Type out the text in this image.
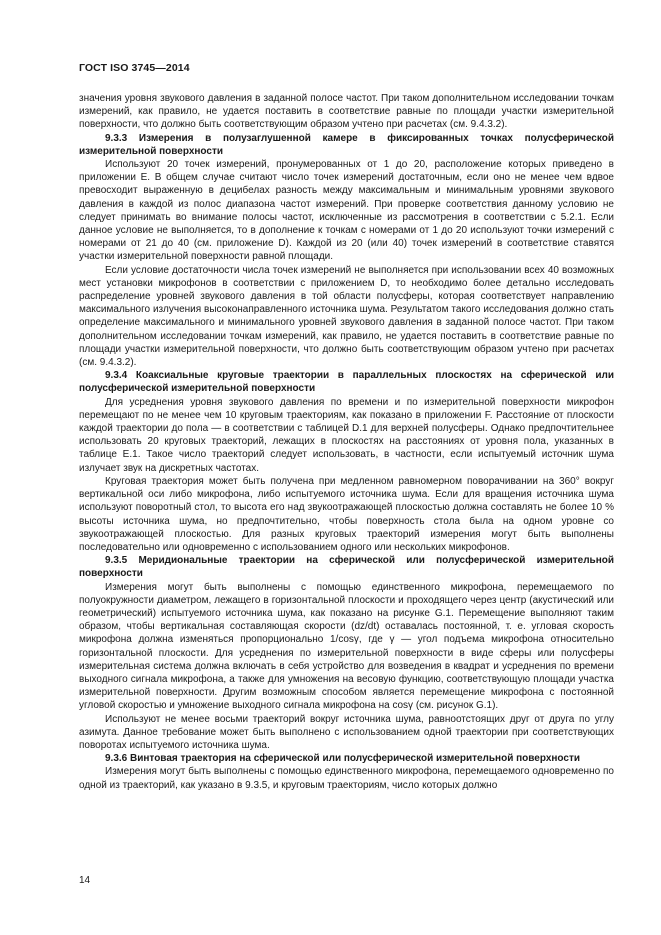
ГОСТ ISO 3745—2014

значения уровня звукового давления в заданной полосе частот. При таком дополнительном исследовании точкам измерений, как правило, не удается поставить в соответствие равные по площади участки измерительной поверхности, что должно быть соответствующим образом учтено при расчетах (см. 9.4.3.2).

9.3.3 Измерения в полузаглушенной камере в фиксированных точках полусферической измерительной поверхности

Используют 20 точек измерений, пронумерованных от 1 до 20, расположение которых приведено в приложении E. В общем случае считают число точек измерений достаточным, если оно не менее чем вдвое превосходит выраженную в децибелах разность между максимальным и минимальным уровнями звукового давления в каждой из полос диапазона частот измерений. При проверке соответствия данному условию не следует принимать во внимание полосы частот, исключенные из рассмотрения в соответствии с 5.2.1. Если данное условие не выполняется, то в дополнение к точкам с номерами от 1 до 20 используют точки измерений с номерами от 21 до 40 (см. приложение D). Каждой из 20 (или 40) точек измерений в соответствие ставятся участки измерительной поверхности равной площади.

Если условие достаточности числа точек измерений не выполняется при использовании всех 40 возможных мест установки микрофонов в соответствии с приложением D, то необходимо более детально исследовать распределение уровней звукового давления в той области полусферы, которая соответствует направлению максимального излучения высоконаправленного источника шума. Результатом такого исследования должно стать определение максимального и минимального уровней звукового давления в заданной полосе частот. При таком дополнительном исследовании точкам измерений, как правило, не удается поставить в соответствие равные по площади участки измерительной поверхности, что должно быть соответствующим образом учтено при расчетах (см. 9.4.3.2).

9.3.4 Коаксиальные круговые траектории в параллельных плоскостях на сферической или полусферической измерительной поверхности

Для усреднения уровня звукового давления по времени и по измерительной поверхности микрофон перемещают по не менее чем 10 круговым траекториям, как показано в приложении F. Расстояние от плоскости каждой траектории до пола — в соответствии с таблицей D.1 для верхней полусферы. Однако предпочтительнее использовать 20 круговых траекторий, лежащих в плоскостях на расстояниях от уровня пола, указанных в таблице E.1. Такое число траекторий следует использовать, в частности, если испытуемый источник шума излучает звук на дискретных частотах.

Круговая траектория может быть получена при медленном равномерном поворачивании на 360° вокруг вертикальной оси либо микрофона, либо испытуемого источника шума. Если для вращения источника шума используют поворотный стол, то высота его над звукоотражающей плоскостью должна составлять не более 10 % высоты источника шума, но предпочтительно, чтобы поверхность стола была на одном уровне со звукоотражающей плоскостью. Для разных круговых траекторий измерения могут быть выполнены последовательно или одновременно с использованием одного или нескольких микрофонов.

9.3.5 Меридиональные траектории на сферической или полусферической измерительной поверхности

Измерения могут быть выполнены с помощью единственного микрофона, перемещаемого по полуокружности диаметром, лежащего в горизонтальной плоскости и проходящего через центр (акустический или геометрический) испытуемого источника шума, как показано на рисунке G.1. Перемещение выполняют таким образом, чтобы вертикальная составляющая скорости (dz/dt) оставалась постоянной, т. е. угловая скорость микрофона должна изменяться пропорционально 1/cosγ, где γ — угол подъема микрофона относительно горизонтальной плоскости. Для усреднения по измерительной поверхности в виде сферы или полусферы измерительная система должна включать в себя устройство для возведения в квадрат и усреднения по времени выходного сигнала микрофона, а также для умножения на весовую функцию, соответствующую площади участка измерительной поверхности. Другим возможным способом является перемещение микрофона с постоянной угловой скоростью и умножение выходного сигнала микрофона на cosγ (см. рисунок G.1).

Используют не менее восьми траекторий вокруг источника шума, равноотстоящих друг от друга по углу азимута. Данное требование может быть выполнено с использованием одной траектории при соответствующих поворотах испытуемого источника шума.

9.3.6 Винтовая траектория на сферической или полусферической измерительной поверхности

Измерения могут быть выполнены с помощью единственного микрофона, перемещаемого одновременно по одной из траекторий, как указано в 9.3.5, и круговым траекториям, число которых должно

14
